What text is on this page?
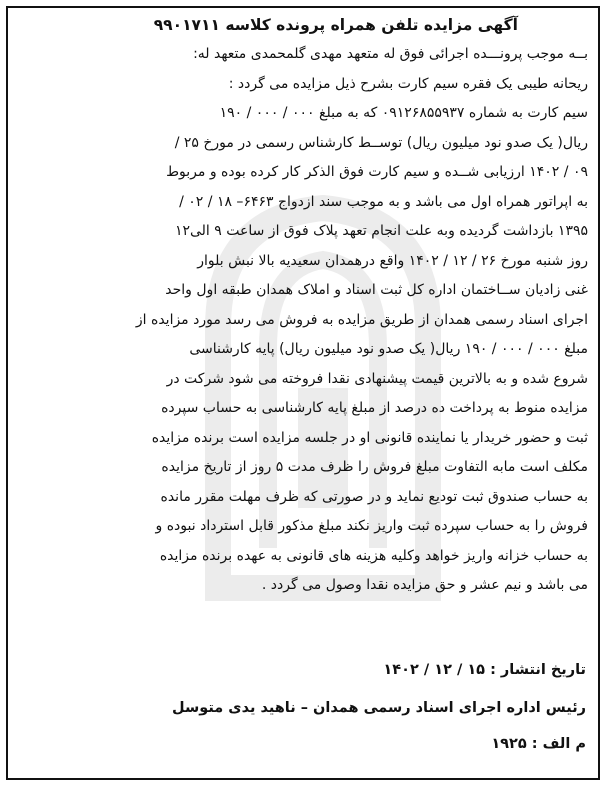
آگهی مزایده تلفن همراه پرونده کلاسه ۹۹۰۱۷۱۱

بــه موجب پرونـــده اجرائی فوق له متعهد مهدی گلمحمدی متعهد له:

ریحانه طیبی یک فقره سیم کارت بشرح ذیل مزایده می گردد :

سیم کارت به شماره ۰۹۱۲۶۸۵۵۹۳۷ که به مبلغ ۰۰۰ / ۰۰۰ / ۱۹۰

ریال( یک صدو نود میلیون ریال) توســط کارشناس رسمی در مورخ ۲۵ /

۰۹ / ۱۴۰۲ ارزیابی شــده و سیم کارت فوق الذکر کار کرده بوده و مربوط

به اپراتور همراه اول می باشد و به موجب سند ازدواج ۶۴۶۳– ۱۸ / ۰۲ /

۱۳۹۵ بازداشت گردیده وبه علت انجام تعهد پلاک فوق از ساعت ۹ الی۱۲

روز شنبه مورخ ۲۶ / ۱۲ / ۱۴۰۲ واقع درهمدان سعیدیه بالا نبش بلوار

غنی زادیان ســاختمان اداره کل ثبت اسناد و املاک همدان طبقه اول واحد

اجرای اسناد رسمی همدان از طریق مزایده به فروش می رسد مورد مزایده از

مبلغ ۰۰۰ / ۰۰۰ / ۱۹۰ ریال( یک صدو نود میلیون ریال) پایه کارشناسی

شروع شده و به بالاترین قیمت پیشنهادی نقدا فروخته می شود شرکت در

مزایده منوط به پرداخت ده درصد از مبلغ پایه کارشناسی به حساب سپرده

ثبت و حضور خریدار یا نماینده قانونی او در جلسه مزایده است برنده مزایده

مکلف است مابه التفاوت مبلغ فروش را ظرف مدت ۵ روز از تاریخ مزایده

به حساب صندوق ثبت تودیع نماید و در صورتی که ظرف مهلت مقرر مانده

فروش را به حساب سپرده ثبت واریز نکند مبلغ مذکور قابل استرداد نبوده و

به حساب خزانه واریز خواهد وکلیه هزینه های قانونی به عهده برنده مزایده

می باشد و نیم عشر و حق مزایده نقدا وصول می گردد .

تاریخ انتشار : ۱۵ / ۱۲ / ۱۴۰۲
رئیس اداره اجرای اسناد رسمی همدان – ناهید یدی متوسل
م الف : ۱۹۲۵
